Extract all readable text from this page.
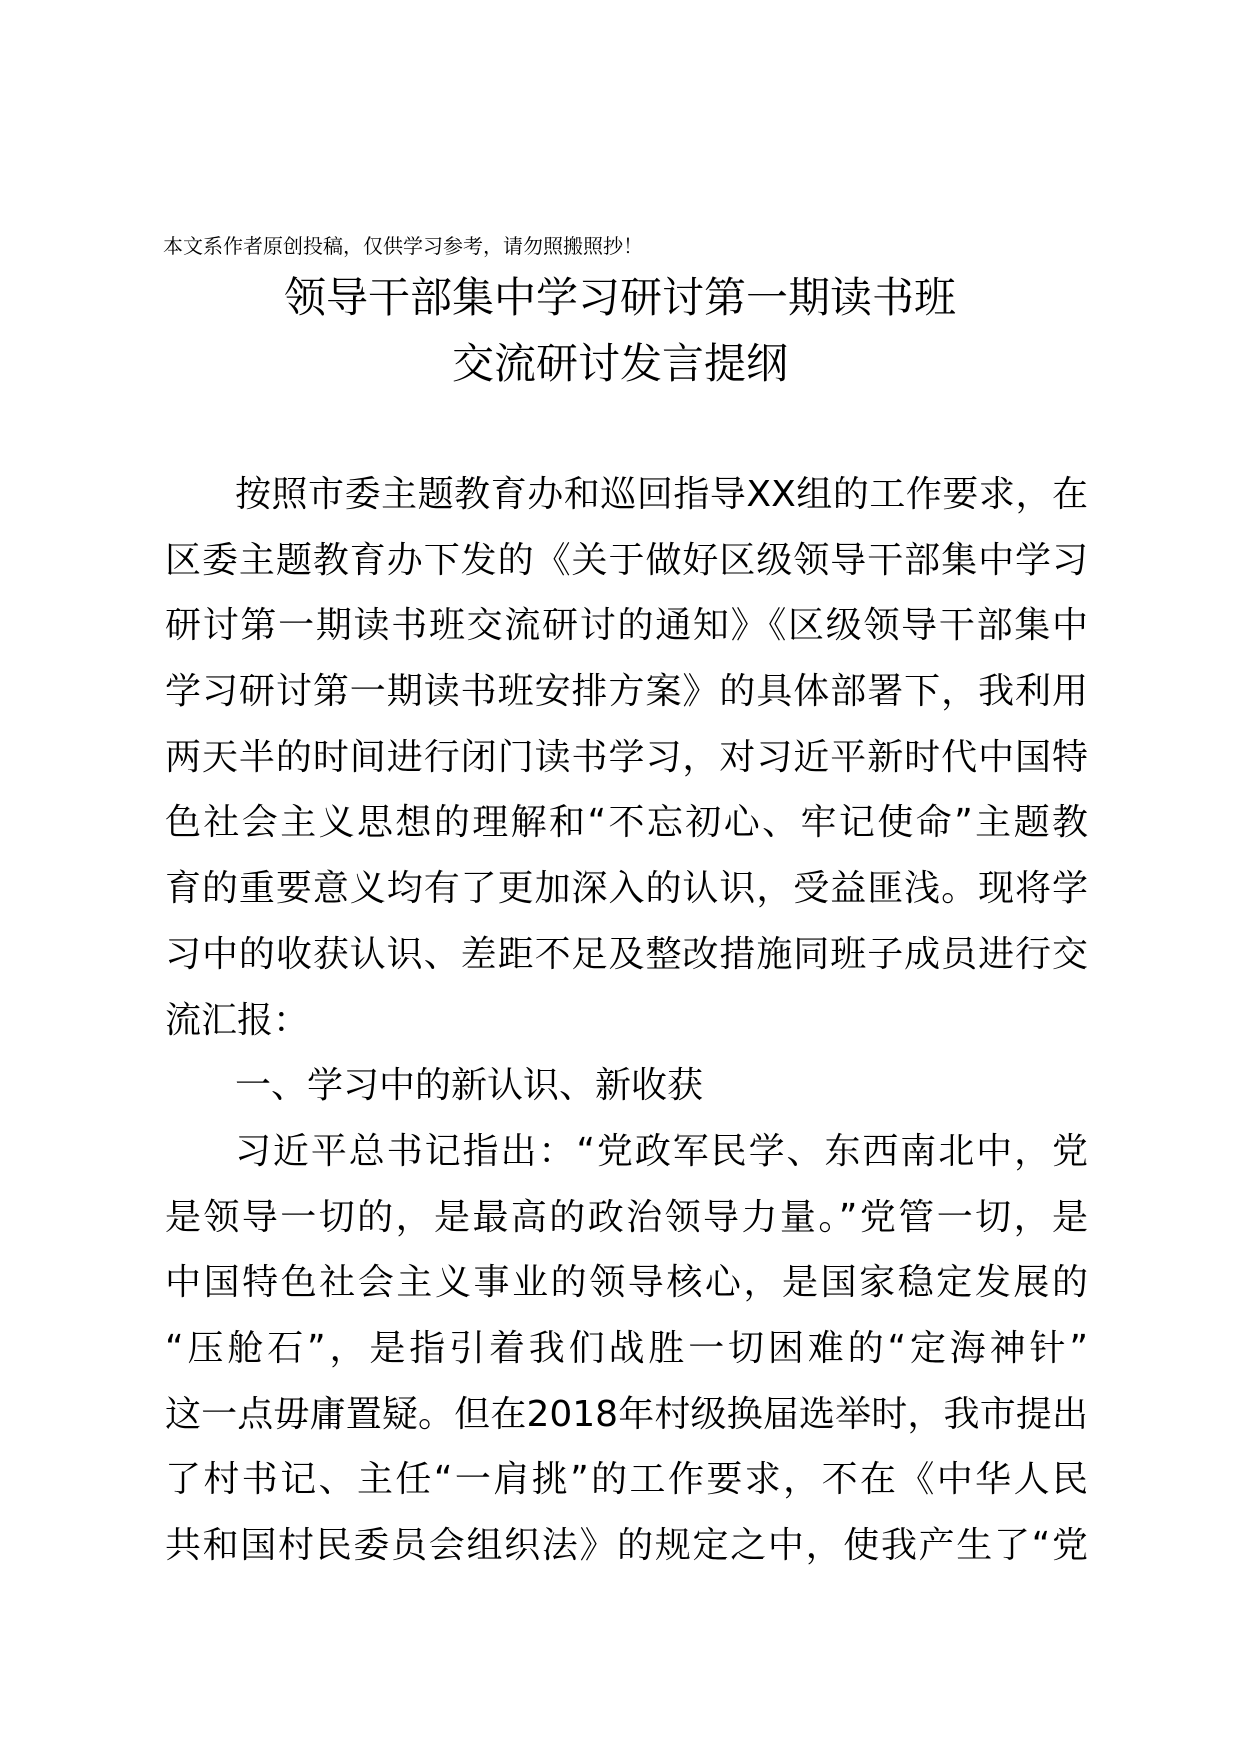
本文系作者原创投稿，仅供学习参考，请勿照搬照抄！
领导干部集中学习研讨第一期读书班
交流研讨发言提纲
按照市委主题教育办和巡回指导XX组的工作要求，在
区委主题教育办下发的《关于做好区级领导干部集中学习
研讨第一期读书班交流研讨的通知》《区级领导干部集中
学习研讨第一期读书班安排方案》的具体部署下，我利用
两天半的时间进行闭门读书学习，对习近平新时代中国特
色社会主义思想的理解和“不忘初心、牢记使命”主题教
育的重要意义均有了更加深入的认识，受益匪浅。现将学
习中的收获认识、差距不足及整改措施同班子成员进行交
流汇报：
一、学习中的新认识、新收获
习近平总书记指出：“党政军民学、东西南北中，党
是领导一切的，是最高的政治领导力量。”党管一切，是
中国特色社会主义事业的领导核心，是国家稳定发展的
“压舱石”，是指引着我们战胜一切困难的“定海神针”
这一点毋庸置疑。但在2018年村级换届选举时，我市提出
了村书记、主任“一肩挑”的工作要求，不在《中华人民
共和国村民委员会组织法》的规定之中，使我产生了“党
